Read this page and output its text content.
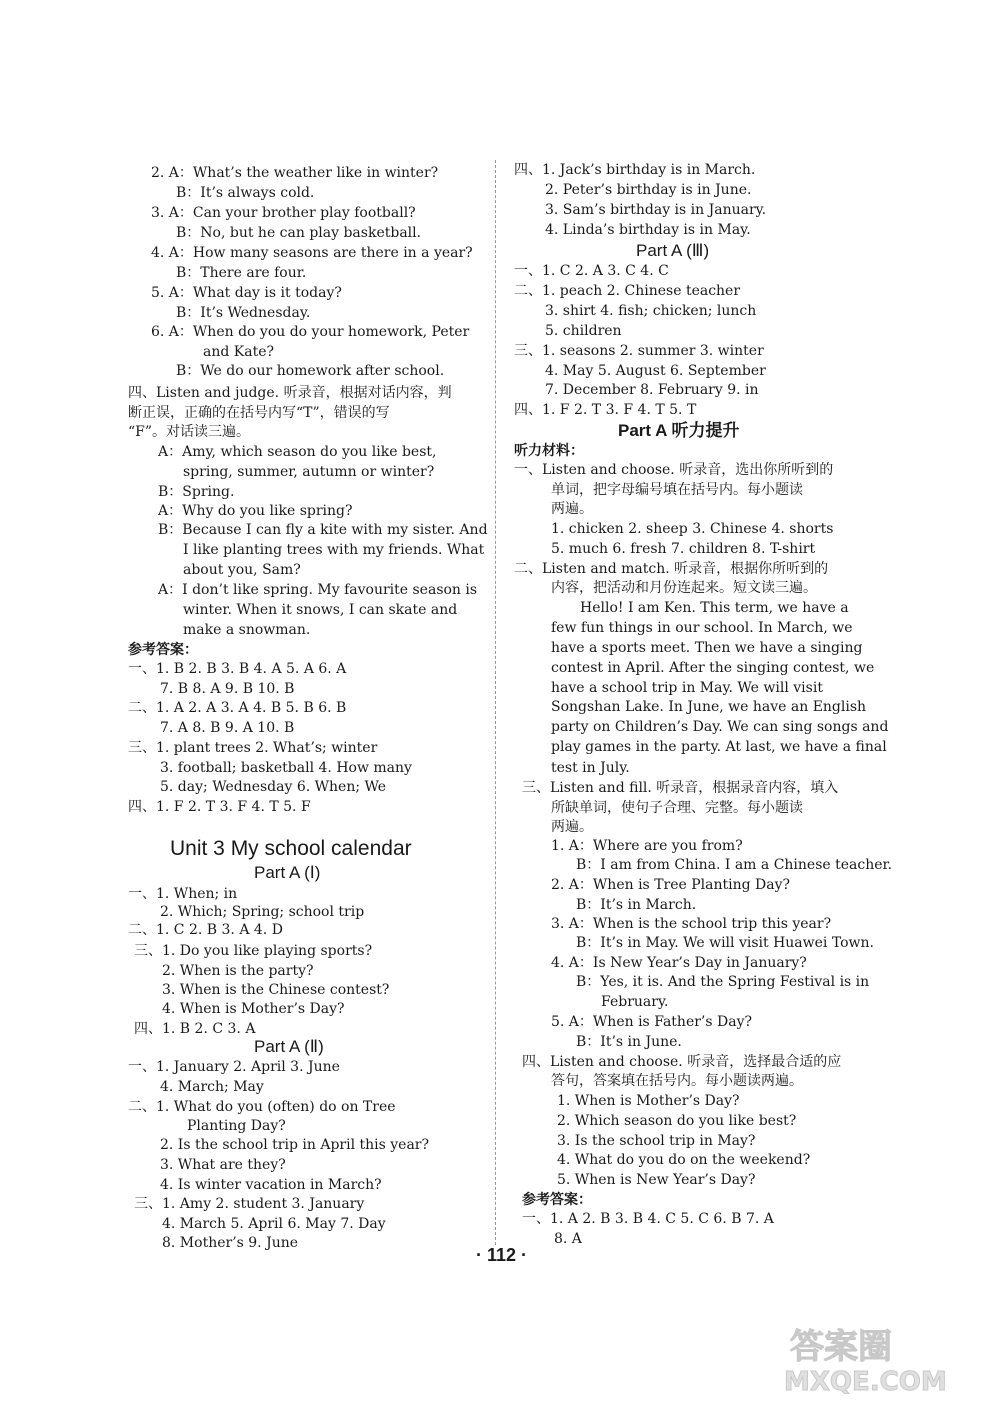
2. A：What’s the weather like in winter?
B：It’s always cold.
3. A：Can your brother play football?
B：No, but he can play basketball.
4. A：How many seasons are there in a year?
B：There are four.
5. A：What day is it today?
B：It’s Wednesday.
6. A：When do you do your homework, Peter
and Kate?
B：We do our homework after school.
四、Listen and judge. 听录音，根据对话内容，判
断正误，正确的在括号内写“T”，错误的写
“F”。对话读三遍。
A：Amy, which season do you like best,
spring, summer, autumn or winter?
B：Spring.
A：Why do you like spring?
B：Because I can fly a kite with my sister. And
I like planting trees with my friends. What
about you, Sam?
A：I don’t like spring. My favourite season is
winter. When it snows, I can skate and
make a snowman.
参考答案：
一、1. B 2. B 3. B 4. A 5. A 6. A
7. B 8. A 9. B 10. B
二、1. A 2. A 3. A 4. B 5. B 6. B
7. A 8. B 9. A 10. B
三、1. plant trees 2. What’s; winter
3. football; basketball 4. How many
5. day; Wednesday 6. When; We
四、1. F 2. T 3. F 4. T 5. F
一、1. When; in
2. Which; Spring; school trip
二、1. C 2. B 3. A 4. D
三、1. Do you like playing sports?
2. When is the party?
3. When is the Chinese contest?
4. When is Mother’s Day?
四、1. B 2. C 3. A
一、1. January 2. April 3. June
4. March; May
二、1. What do you (often) do on Tree
Planting Day?
2. Is the school trip in April this year?
3. What are they?
4. Is winter vacation in March?
三、1. Amy 2. student 3. January
4. March 5. April 6. May 7. Day
8. Mother’s 9. June
四、1. Jack’s birthday is in March.
2. Peter’s birthday is in June.
3. Sam’s birthday is in January.
4. Linda’s birthday is in May.
一、1. C 2. A 3. C 4. C
二、1. peach 2. Chinese teacher
3. shirt 4. fish; chicken; lunch
5. children
三、1. seasons 2. summer 3. winter
4. May 5. August 6. September
7. December 8. February 9. in
四、1. F 2. T 3. F 4. T 5. T
听力材料：
一、Listen and choose. 听录音，选出你所听到的
单词，把字母编号填在括号内。每小题读
两遍。
1. chicken 2. sheep 3. Chinese 4. shorts
5. much 6. fresh 7. children 8. T-shirt
二、Listen and match. 听录音，根据你所听到的
内容，把活动和月份连起来。短文读三遍。
Hello! I am Ken. This term, we have a
few fun things in our school. In March, we
have a sports meet. Then we have a singing
contest in April. After the singing contest, we
have a school trip in May. We will visit
Songshan Lake. In June, we have an English
party on Children’s Day. We can sing songs and
play games in the party. At last, we have a final
test in July.
三、Listen and fill. 听录音，根据录音内容，填入
所缺单词，使句子合理、完整。每小题读
两遍。
1. A：Where are you from?
B：I am from China. I am a Chinese teacher.
2. A：When is Tree Planting Day?
B：It’s in March.
3. A：When is the school trip this year?
B：It’s in May. We will visit Huawei Town.
4. A：Is New Year’s Day in January?
B：Yes, it is. And the Spring Festival is in
February.
5. A：When is Father’s Day?
B：It’s in June.
四、Listen and choose. 听录音，选择最合适的应
答句，答案填在括号内。每小题读两遍。
1. When is Mother’s Day?
2. Which season do you like best?
3. Is the school trip in May?
4. What do you do on the weekend?
5. When is New Year’s Day?
参考答案：
一、1. A 2. B 3. B 4. C 5. C 6. B 7. A
8. A
Unit 3 My school calendar
Part A (Ⅰ)
Part A (Ⅱ)
Part A (Ⅲ)
Part A 听力提升
· 112 ·
答案圈
MXQE.COM
